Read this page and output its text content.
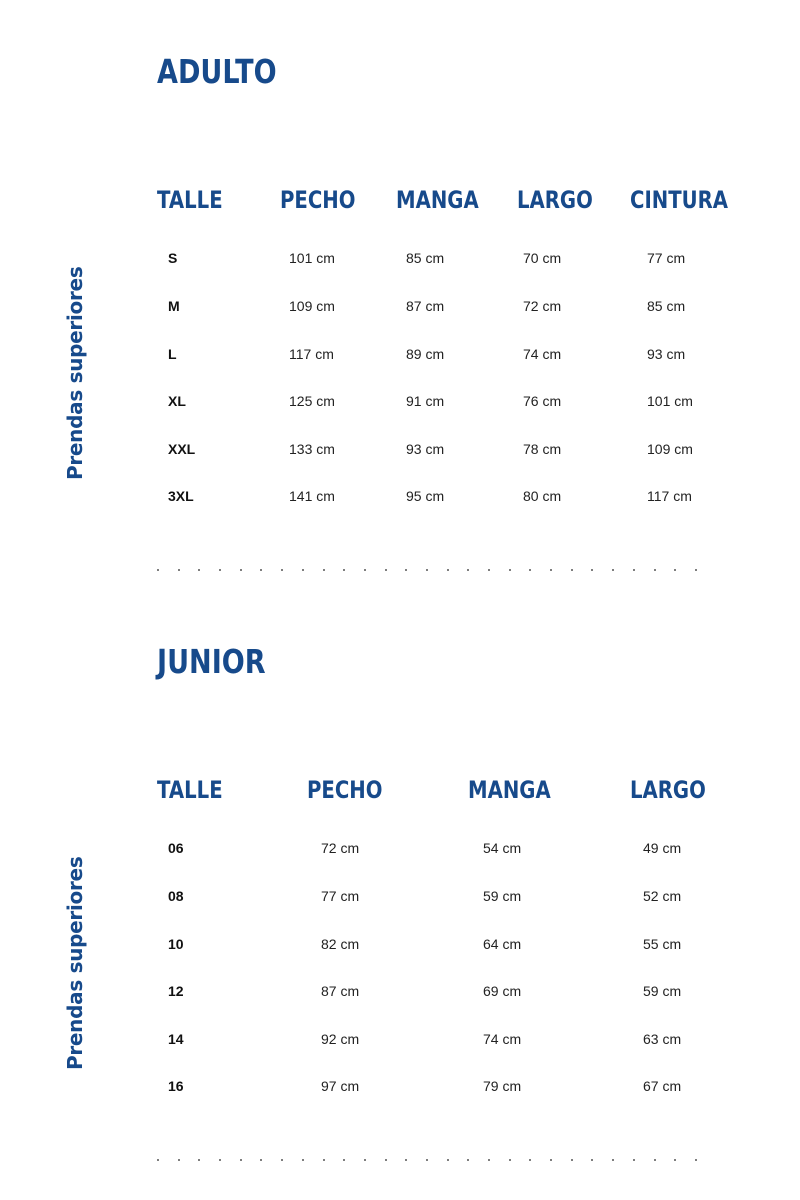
ADULTO
Prendas superiores
TALLE PECHO MANGA LARGO CINTURA
S	101 cm	85 cm	70 cm	77 cm
M	109 cm	87 cm	72 cm	85 cm
L	117 cm	89 cm	74 cm	93 cm
XL	125 cm	91 cm	76 cm	101 cm
XXL	133 cm	93 cm	78 cm	109 cm
3XL	141 cm	95 cm	80 cm	117 cm
JUNIOR
Prendas superiores
TALLE	PECHO	MANGA	LARGO
06	72 cm	54 cm	49 cm
08	77 cm	59 cm	52 cm
10	82 cm	64 cm	55 cm
12	87 cm	69 cm	59 cm
14	92 cm	74 cm	63 cm
16	97 cm	79 cm	67 cm
